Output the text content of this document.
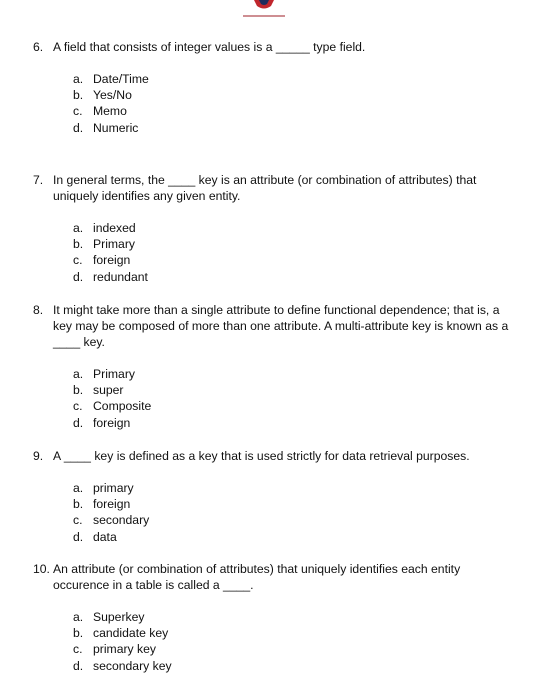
6. A field that consists of integer values is a _____ type field.
a. Date/Time
b. Yes/No
c. Memo
d. Numeric
7. In general terms, the ____ key is an attribute (or combination of attributes) that uniquely identifies any given entity.
a. indexed
b. Primary
c. foreign
d. redundant
8. It might take more than a single attribute to define functional dependence; that is, a key may be composed of more than one attribute. A multi-attribute key is known as a ____ key.
a. Primary
b. super
c. Composite
d. foreign
9. A ____ key is defined as a key that is used strictly for data retrieval purposes.
a. primary
b. foreign
c. secondary
d. data
10. An attribute (or combination of attributes) that uniquely identifies each entity occurence in a table is called a ____.
a. Superkey
b. candidate key
c. primary key
d. secondary key
